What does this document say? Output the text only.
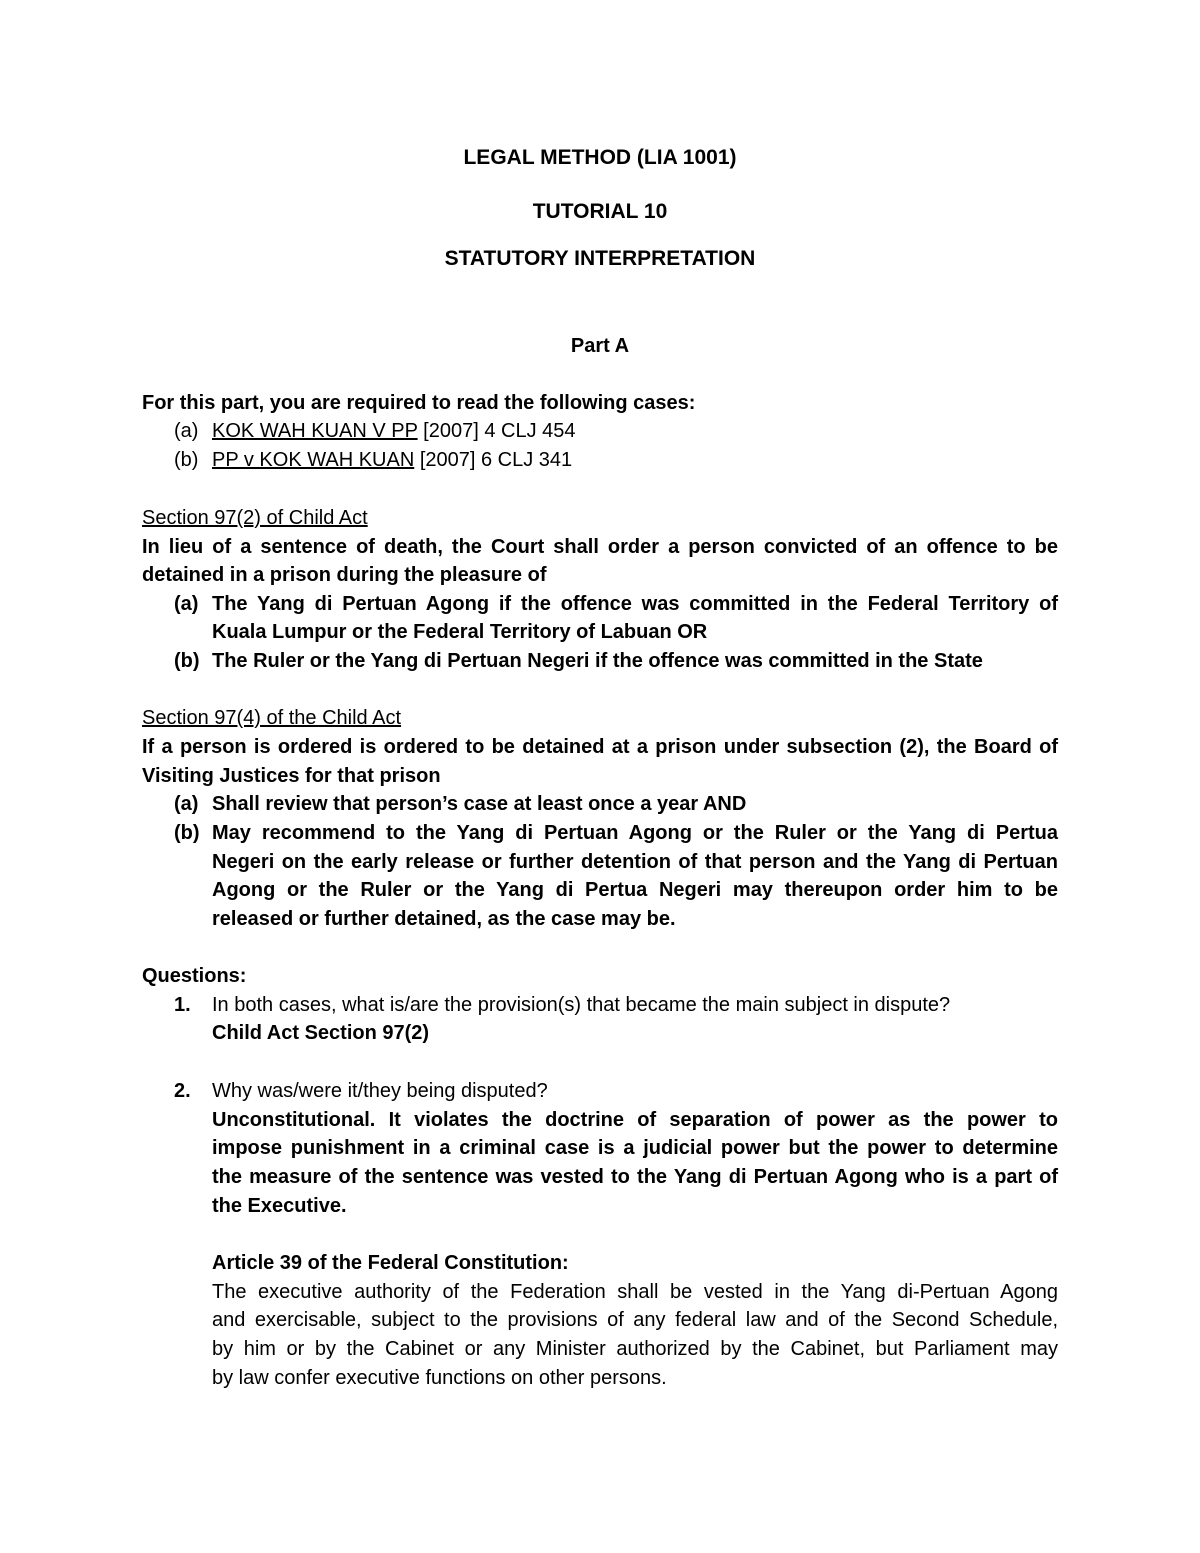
LEGAL METHOD (LIA 1001)
TUTORIAL 10
STATUTORY INTERPRETATION
Part A
For this part, you are required to read the following cases:
(a) KOK WAH KUAN V PP [2007] 4 CLJ 454
(b) PP v KOK WAH KUAN [2007] 6 CLJ 341
Section 97(2) of Child Act
In lieu of a sentence of death, the Court shall order a person convicted of an offence to be
detained in a prison during the pleasure of
(a) The Yang di Pertuan Agong if the offence was committed in the Federal Territory of
Kuala Lumpur or the Federal Territory of Labuan OR
(b) The Ruler or the Yang di Pertuan Negeri if the offence was committed in the State
Section 97(4) of the Child Act
If a person is ordered is ordered to be detained at a prison under subsection (2), the Board of
Visiting Justices for that prison
(a) Shall review that person’s case at least once a year AND
(b) May recommend to the Yang di Pertuan Agong or the Ruler or the Yang di Pertua
Negeri on the early release or further detention of that person and the Yang di Pertuan
Agong or the Ruler or the Yang di Pertua Negeri may thereupon order him to be
released or further detained, as the case may be.
Questions:
1. In both cases, what is/are the provision(s) that became the main subject in dispute?
Child Act Section 97(2)
2. Why was/were it/they being disputed?
Unconstitutional. It violates the doctrine of separation of power as the power to
impose punishment in a criminal case is a judicial power but the power to determine
the measure of the sentence was vested to the Yang di Pertuan Agong who is a part of
the Executive.
Article 39 of the Federal Constitution:
The executive authority of the Federation shall be vested in the Yang di-Pertuan Agong
and exercisable, subject to the provisions of any federal law and of the Second Schedule,
by him or by the Cabinet or any Minister authorized by the Cabinet, but Parliament may
by law confer executive functions on other persons.
